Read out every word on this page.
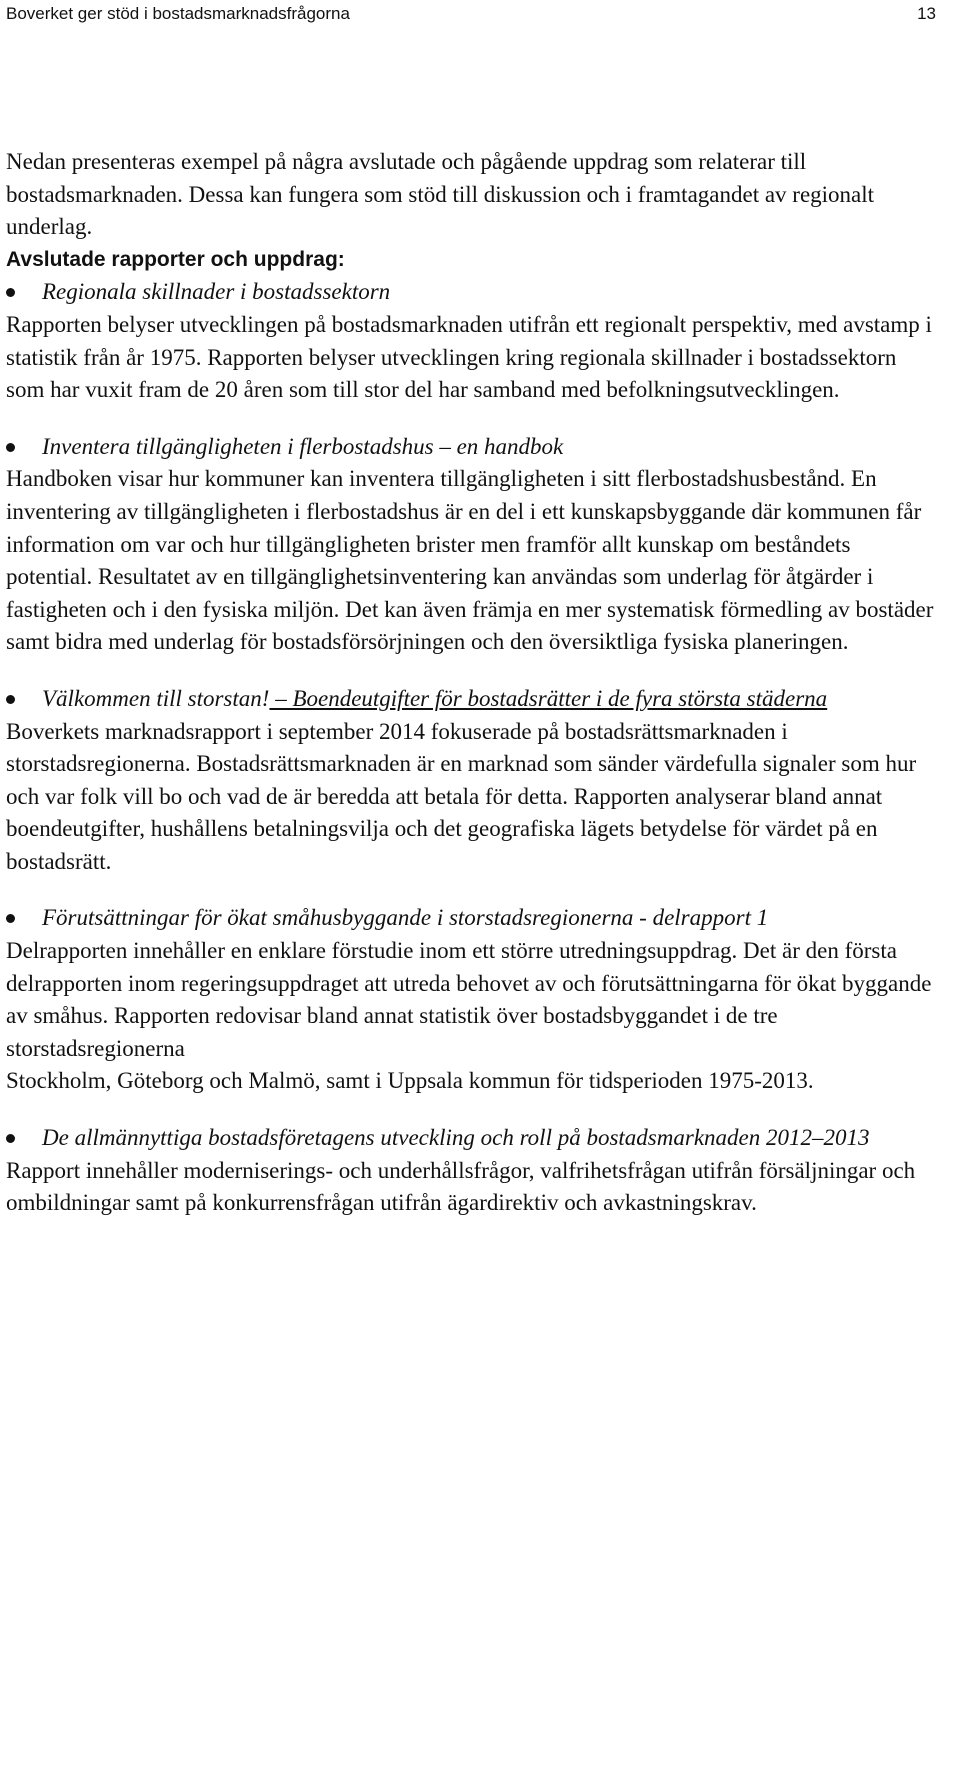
Boverket ger stöd i bostadsmarknadsfrågorna	13

Nedan presenteras exempel på några avslutade och pågående uppdrag som relaterar till bostadsmarknaden. Dessa kan fungera som stöd till diskussion och i framtagandet av regionalt underlag.

Avslutade rapporter och uppdrag:

Regionala skillnader i bostadssektorn

Rapporten belyser utvecklingen på bostadsmarknaden utifrån ett regionalt perspektiv, med avstamp i statistik från år 1975. Rapporten belyser utvecklingen kring regionala skillnader i bostadssektorn som har vuxit fram de 20 åren som till stor del har samband med befolkningsutvecklingen.

Inventera tillgängligheten i flerbostadshus – en handbok

Handboken visar hur kommuner kan inventera tillgängligheten i sitt flerbostadshusbestånd. En inventering av tillgängligheten i flerbostadshus är en del i ett kunskapsbyggande där kommunen får information om var och hur tillgängligheten brister men framför allt kunskap om beståndets potential. Resultatet av en tillgänglighetsinventering kan användas som underlag för åtgärder i fastigheten och i den fysiska miljön. Det kan även främja en mer systematisk förmedling av bostäder samt bidra med underlag för bostadsförsörjningen och den översiktliga fysiska planeringen.

Välkommen till storstan! – Boendeutgifter för bostadsrätter i de fyra största städerna

Boverkets marknadsrapport i september 2014 fokuserade på bostadsrättsmarknaden i storstadsregionerna. Bostadsrättsmarknaden är en marknad som sänder värdefulla signaler som hur och var folk vill bo och vad de är beredda att betala för detta. Rapporten analyserar bland annat boendeutgifter, hushållens betalningsvilja och det geografiska lägets betydelse för värdet på en bostadsrätt.

Förutsättningar för ökat småhusbyggande i storstadsregionerna - delrapport 1

Delrapporten innehåller en enklare förstudie inom ett större utredningsuppdrag. Det är den första delrapporten inom regeringsuppdraget att utreda behovet av och förutsättningarna för ökat byggande av småhus. Rapporten redovisar bland annat statistik över bostadsbyggandet i de tre storstadsregionerna

Stockholm, Göteborg och Malmö, samt i Uppsala kommun för tidsperioden 1975-2013.

De allmännyttiga bostadsföretagens utveckling och roll på bostadsmarknaden 2012–2013

Rapport innehåller moderniserings- och underhållsfrågor, valfrihetsfrågan utifrån försäljningar och ombildningar samt på konkurrensfrågan utifrån ägardirektiv och avkastningskrav.
